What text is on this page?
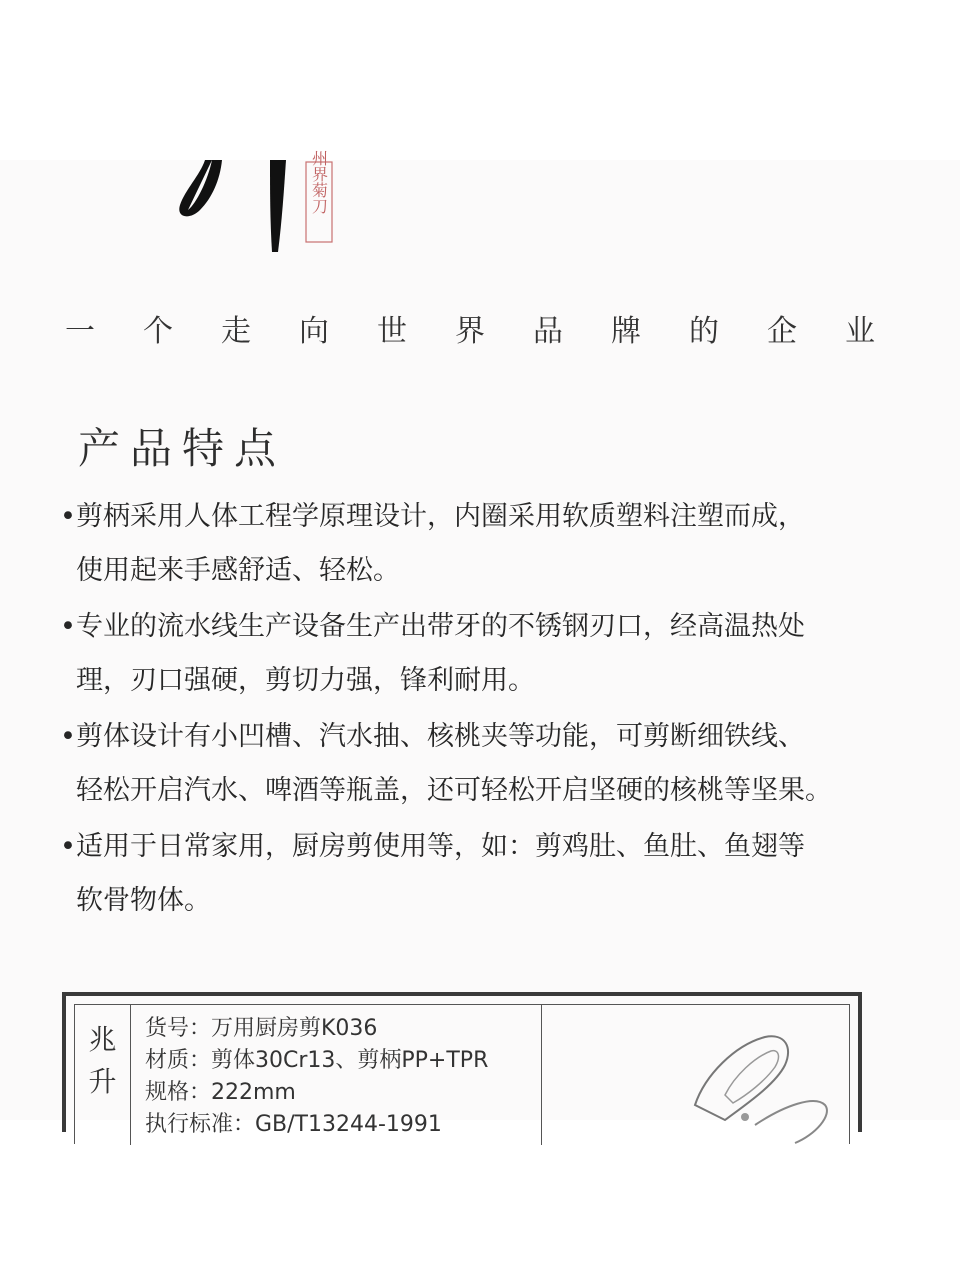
州界菊刀
一 个 走 向 世 界 品 牌 的 企 业
产品特点
• 剪柄采用人体工程学原理设计，内圈采用软质塑料注塑而成，

使用起来手感舒适、轻松。

• 专业的流水线生产设备生产出带牙的不锈钢刃口，经高温热处

理，刃口强硬，剪切力强，锋利耐用。

• 剪体设计有小凹槽、汽水抽、核桃夹等功能，可剪断细铁线、

轻松开启汽水、啤酒等瓶盖，还可轻松开启坚硬的核桃等坚果。

• 适用于日常家用，厨房剪使用等，如：剪鸡肚、鱼肚、鱼翅等

软骨物体。

兆
升
货号：万用厨房剪K036
材质：剪体30Cr13、剪柄PP+TPR
规格：222mm
执行标准：GB/T13244-1991
